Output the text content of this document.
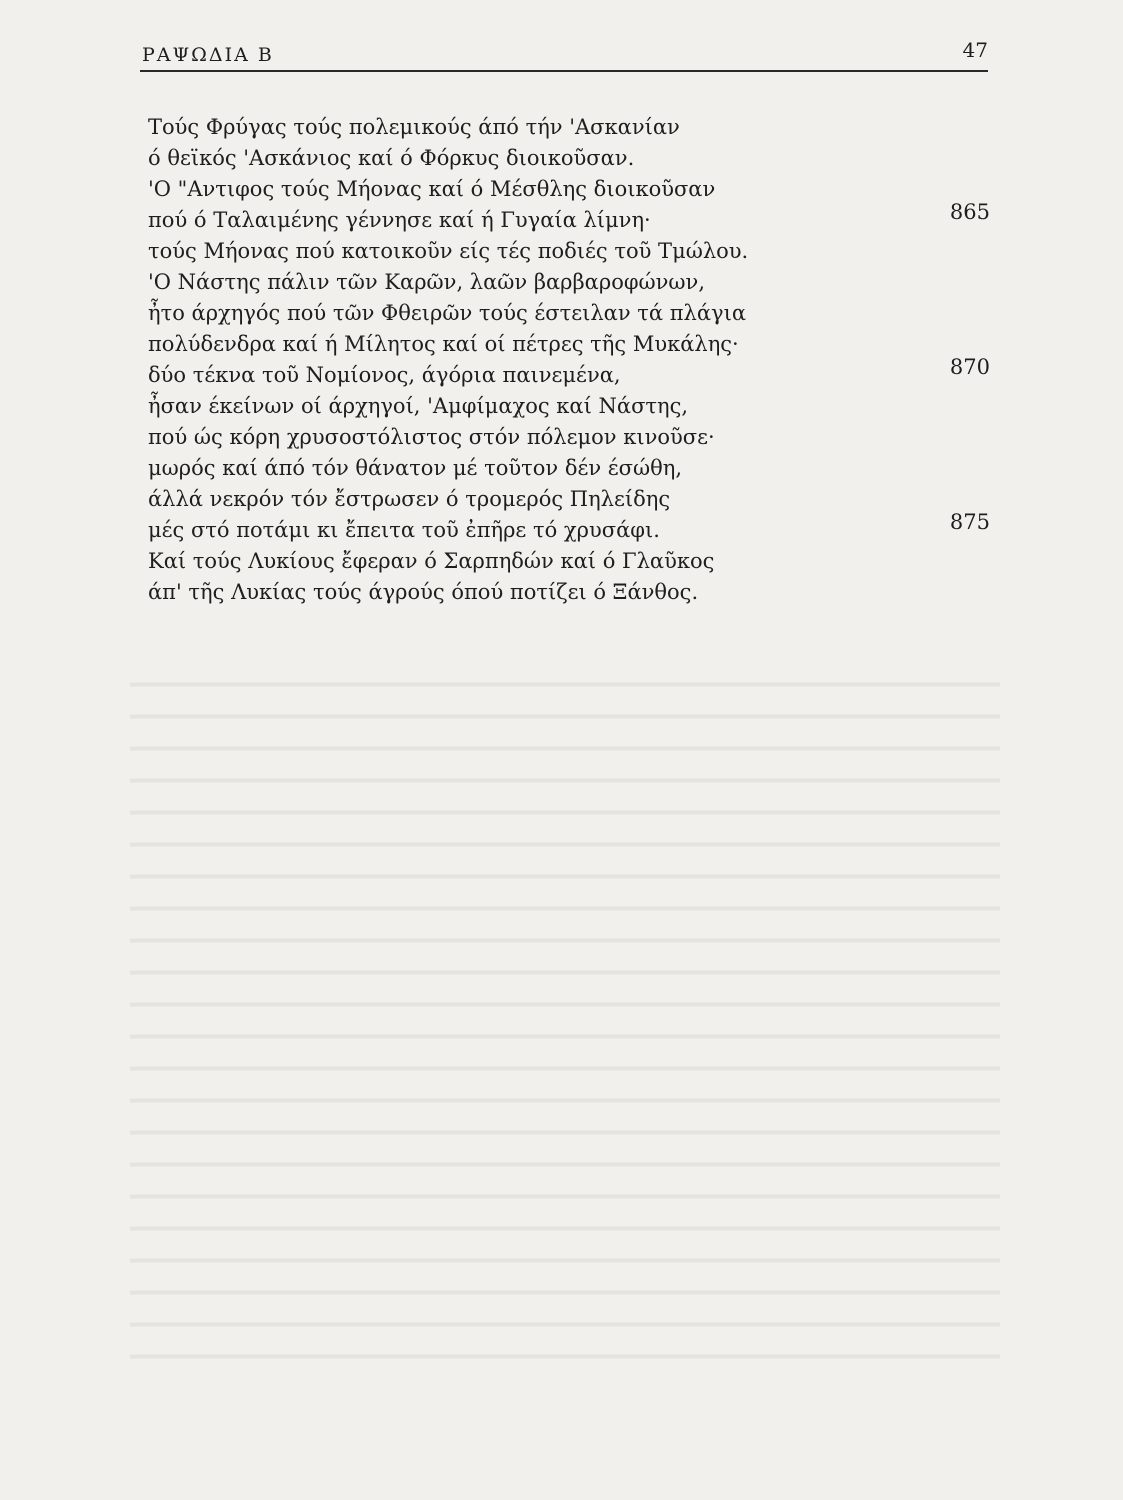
ΡΑΨΩΔΙΑ Β	47
Τούς Φρύγας τούς πολεμικούς άπό τήν 'Ασκανίαν
ό θεϊκός 'Ασκάνιος καί ό Φόρκυς διοικοῦσαν.
'Ο "Αντιφος τούς Μήονας καί ό Μέσθλης διοικοῦσαν
πού ό Ταλαιμένης γέννησε καί ή Γυγαία λίμνη·	865
τούς Μήονας πού κατοικοῦν είς τές ποδιές τοῦ Τμώλου.
'Ο Νάστης πάλιν τῶν Καρῶν, λαῶν βαρβαροφώνων,
ἦτο άρχηγός πού τῶν Φθειρῶν τούς έστειλαν τά πλάγια
πολύδενδρα καί ή Μίλητος καί οί πέτρες τῆς Μυκάλης·
δύο τέκνα τοῦ Νομίονος, άγόρια παινεμένα,	870
ἦσαν έκείνων οί άρχηγοί, 'Αμφίμαχος καί Νάστης,
πού ώς κόρη χρυσοστόλιστος στόν πόλεμον κινοῦσε·
μωρός καί άπό τόν θάνατον μέ τοῦτον δέν έσώθη,
άλλά νεκρόν τόν ἔστρωσεν ό τρομερός Πηλείδης
μές στό ποτάμι κι ἔπειτα τοῦ ἐπῆρε τό χρυσάφι.	875
Καί τούς Λυκίους ἔφεραν ό Σαρπηδών καί ό Γλαῦκος
άπ' τῆς Λυκίας τούς άγρούς όπού ποτίζει ό Ξάνθος.
